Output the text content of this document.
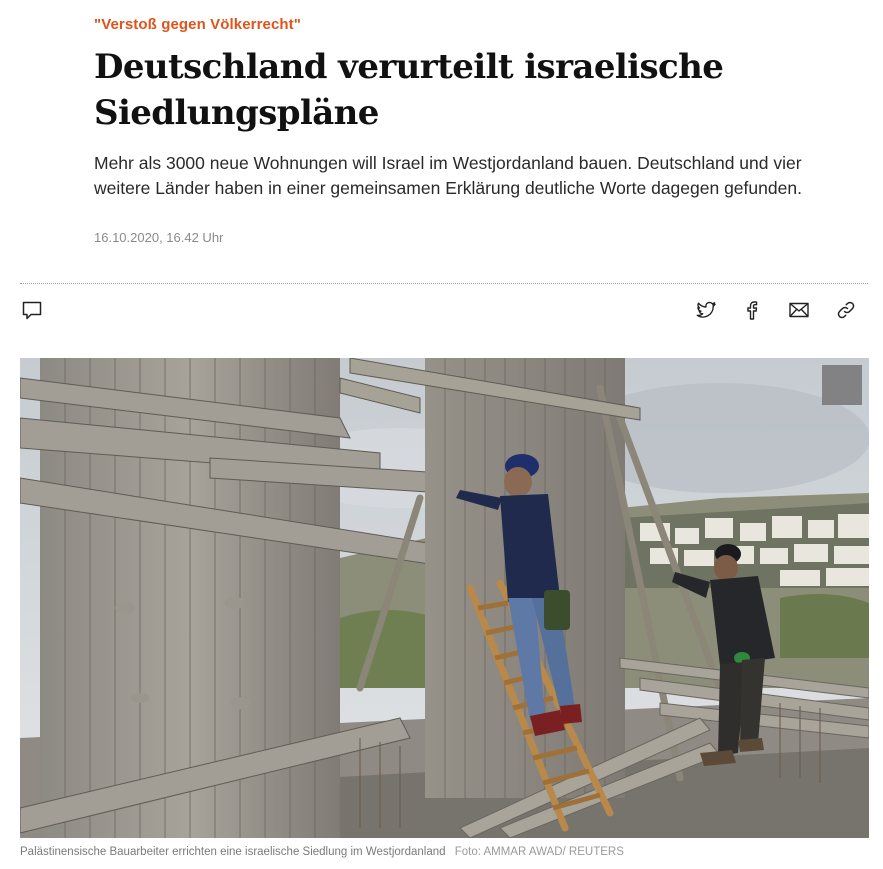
"Verstoß gegen Völkerrecht"
Deutschland verurteilt israelische
Siedlungspläne

Mehr als 3000 neue Wohnungen will Israel im Westjordanland bauen. Deutschland und vier weitere Länder haben in einer gemeinsamen Erklärung deutliche Worte dagegen gefunden.

16.10.2020, 16.42 Uhr
Palästinensische Bauarbeiter errichten eine israelische Siedlung im Westjordanland Foto: AMMAR AWAD/ REUTERS
